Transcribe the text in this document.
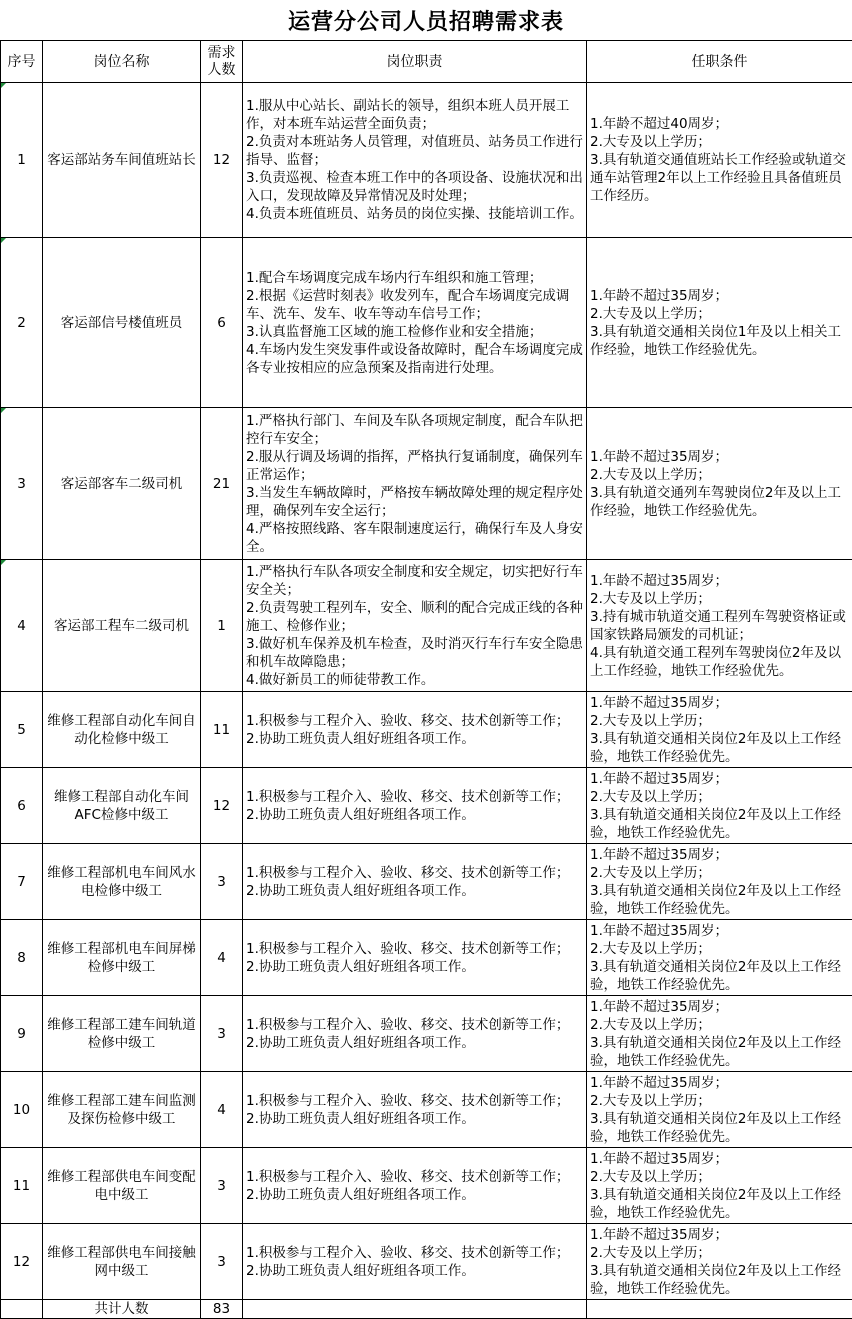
运营分公司人员招聘需求表
序号	岗位名称	需求人数	岗位职责	任职条件
1	客运部站务车间值班站长	12	1.服从中心站长、副站长的领导，组织本班人员开展工作，对本班车站运营全面负责；
2.负责对本班站务人员管理，对值班员、站务员工作进行指导、监督；
3.负责巡视、检查本班工作中的各项设备、设施状况和出入口，发现故障及异常情况及时处理；
4.负责本班值班员、站务员的岗位实操、技能培训工作。	1.年龄不超过40周岁；
2.大专及以上学历；
3.具有轨道交通值班站长工作经验或轨道交通车站管理2年以上工作经验且具备值班员工作经历。
2	客运部信号楼值班员	6	1.配合车场调度完成车场内行车组织和施工管理；
2.根据《运营时刻表》收发列车，配合车场调度完成调车、洗车、发车、收车等动车信号工作；
3.认真监督施工区域的施工检修作业和安全措施；
4.车场内发生突发事件或设备故障时，配合车场调度完成各专业按相应的应急预案及指南进行处理。	1.年龄不超过35周岁；
2.大专及以上学历；
3.具有轨道交通相关岗位1年及以上相关工作经验，地铁工作经验优先。
3	客运部客车二级司机	21	1.严格执行部门、车间及车队各项规定制度，配合车队把控行车安全；
2.服从行调及场调的指挥，严格执行复诵制度，确保列车正常运作；
3.当发生车辆故障时，严格按车辆故障处理的规定程序处理，确保列车安全运行；
4.严格按照线路、客车限制速度运行，确保行车及人身安全。	1.年龄不超过35周岁；
2.大专及以上学历；
3.具有轨道交通列车驾驶岗位2年及以上工作经验，地铁工作经验优先。
4	客运部工程车二级司机	1	1.严格执行车队各项安全制度和安全规定，切实把好行车安全关；
2.负责驾驶工程列车，安全、顺利的配合完成正线的各种施工、检修作业；
3.做好机车保养及机车检查，及时消灭行车行车安全隐患和机车故障隐患；
4.做好新员工的师徒带教工作。	1.年龄不超过35周岁；
2.大专及以上学历；
3.持有城市轨道交通工程列车驾驶资格证或国家铁路局颁发的司机证；
4.具有轨道交通工程列车驾驶岗位2年及以上工作经验，地铁工作经验优先。
5	维修工程部自动化车间自动化检修中级工	11	1.积极参与工程介入、验收、移交、技术创新等工作；
2.协助工班负责人组好班组各项工作。	1.年龄不超过35周岁；
2.大专及以上学历；
3.具有轨道交通相关岗位2年及以上工作经验，地铁工作经验优先。
6	维修工程部自动化车间AFC检修中级工	12	1.积极参与工程介入、验收、移交、技术创新等工作；
2.协助工班负责人组好班组各项工作。	1.年龄不超过35周岁；
2.大专及以上学历；
3.具有轨道交通相关岗位2年及以上工作经验，地铁工作经验优先。
7	维修工程部机电车间风水电检修中级工	3	1.积极参与工程介入、验收、移交、技术创新等工作；
2.协助工班负责人组好班组各项工作。	1.年龄不超过35周岁；
2.大专及以上学历；
3.具有轨道交通相关岗位2年及以上工作经验，地铁工作经验优先。
8	维修工程部机电车间屏梯检修中级工	4	1.积极参与工程介入、验收、移交、技术创新等工作；
2.协助工班负责人组好班组各项工作。	1.年龄不超过35周岁；
2.大专及以上学历；
3.具有轨道交通相关岗位2年及以上工作经验，地铁工作经验优先。
9	维修工程部工建车间轨道检修中级工	3	1.积极参与工程介入、验收、移交、技术创新等工作；
2.协助工班负责人组好班组各项工作。	1.年龄不超过35周岁；
2.大专及以上学历；
3.具有轨道交通相关岗位2年及以上工作经验，地铁工作经验优先。
10	维修工程部工建车间监测及探伤检修中级工	4	1.积极参与工程介入、验收、移交、技术创新等工作；
2.协助工班负责人组好班组各项工作。	1.年龄不超过35周岁；
2.大专及以上学历；
3.具有轨道交通相关岗位2年及以上工作经验，地铁工作经验优先。
11	维修工程部供电车间变配电中级工	3	1.积极参与工程介入、验收、移交、技术创新等工作；
2.协助工班负责人组好班组各项工作。	1.年龄不超过35周岁；
2.大专及以上学历；
3.具有轨道交通相关岗位2年及以上工作经验，地铁工作经验优先。
12	维修工程部供电车间接触网中级工	3	1.积极参与工程介入、验收、移交、技术创新等工作；
2.协助工班负责人组好班组各项工作。	1.年龄不超过35周岁；
2.大专及以上学历；
3.具有轨道交通相关岗位2年及以上工作经验，地铁工作经验优先。
	共计人数	83		
